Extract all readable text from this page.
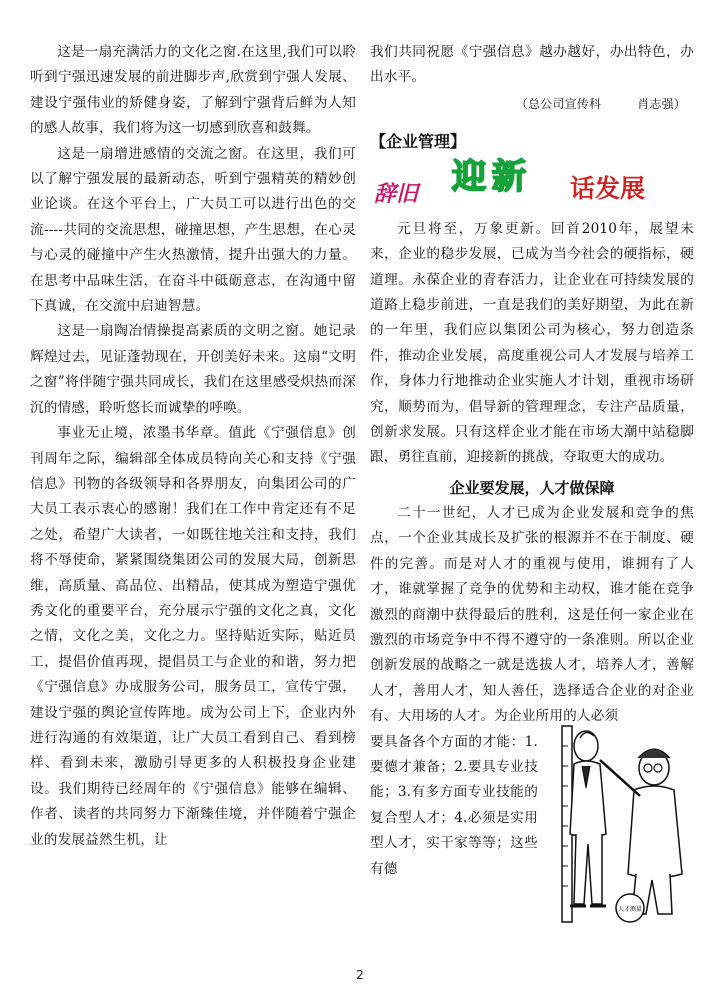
这是一扇充满活力的文化之窗.在这里,我们可以聆听到宁强迅速发展的前进脚步声,欣赏到宁强人发展、建设宁强伟业的矫健身姿，了解到宁强背后鲜为人知的感人故事，我们将为这一切感到欣喜和鼓舞。

这是一扇增进感情的交流之窗。在这里，我们可以了解宁强发展的最新动态，听到宁强精英的精妙创业论谈。在这个平台上，广大员工可以进行出色的交流----共同的交流思想，碰撞思想，产生思想，在心灵与心灵的碰撞中产生火热激情，提升出强大的力量。在思考中品味生活，在奋斗中砥砺意志，在沟通中留下真诚，在交流中启迪智慧。

这是一扇陶冶情操提高素质的文明之窗。她记录辉煌过去，见证蓬勃现在，开创美好未来。这扇“文明之窗”将伴随宁强共同成长，我们在这里感受炽热而深沉的情感，聆听悠长而诚挚的呼唤。

事业无止境，浓墨书华章。值此《宁强信息》创刊周年之际，编辑部全体成员特向关心和支持《宁强信息》刊物的各级领导和各界朋友，向集团公司的广大员工表示衷心的感谢！我们在工作中肯定还有不足之处，希望广大读者，一如既往地关注和支持，我们将不辱使命，紧紧围绕集团公司的发展大局，创新思维，高质量、高品位、出精品，使其成为塑造宁强优秀文化的重要平台，充分展示宁强的文化之真，文化之情，文化之美，文化之力。坚持贴近实际，贴近员工，提倡价值再现，提倡员工与企业的和谐，努力把《宁强信息》办成服务公司，服务员工，宣传宁强，建设宁强的舆论宣传阵地。成为公司上下，企业内外进行沟通的有效渠道，让广大员工看到自己、看到榜样、看到未来，激励引导更多的人积极投身企业建设。我们期待已经周年的《宁强信息》能够在编辑、作者、读者的共同努力下渐臻佳境，并伴随着宁强企业的发展益然生机，让

我们共同祝愿《宁强信息》越办越好，办出特色，办出水平。

（总公司宣传科	肖志强）

【企业管理】
辞旧 迎新 话发展

元旦将至，万象更新。回首2010年，展望未来，企业的稳步发展，已成为当今社会的硬指标，硬道理。永葆企业的青春活力，让企业在可持续发展的道路上稳步前进，一直是我们的美好期望，为此在新的一年里，我们应以集团公司为核心，努力创造条件，推动企业发展，高度重视公司人才发展与培养工作，身体力行地推动企业实施人才计划，重视市场研究，顺势而为，倡导新的管理理念，专注产品质量，创新求发展。只有这样企业才能在市场大潮中站稳脚跟，勇往直前，迎接新的挑战，夺取更大的成功。

企业要发展，人才做保障

二十一世纪，人才已成为企业发展和竞争的焦点，一个企业其成长及扩张的根源并不在于制度、硬件的完善。而是对人才的重视与使用，谁拥有了人才，谁就掌握了竞争的优势和主动权，谁才能在竞争激烈的商潮中获得最后的胜利，这是任何一家企业在激烈的市场竞争中不得不遵守的一条准则。所以企业创新发展的战略之一就是选拔人才，培养人才，善解人才，善用人才，知人善任，选择适合企业的对企业有、大用场的人才。为企业所用的人必须

要具备各个方面的才能：1.要德才兼备；2.要具专业技能；3.有多方面专业技能的复合型人才；4.必须是实用型人才，实干家等等；这些有德

人才测量
2
